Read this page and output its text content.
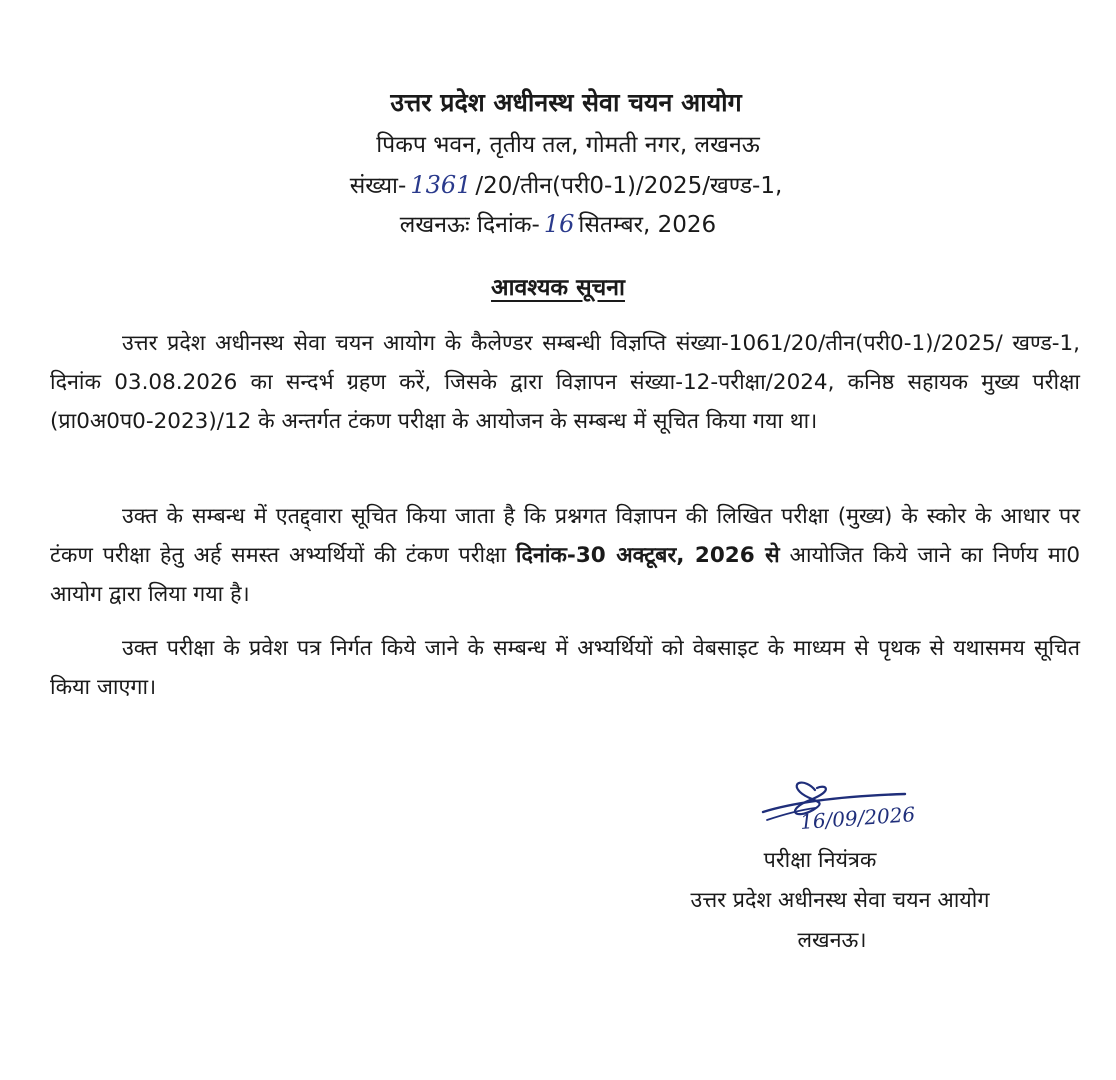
उत्तर प्रदेश अधीनस्थ सेवा चयन आयोग
पिकप भवन, तृतीय तल, गोमती नगर, लखनऊ
संख्या- 1361 /20/तीन(परी0-1)/2025/खण्ड-1,
लखनऊः दिनांक- 16 सितम्बर, 2026
आवश्यक सूचना

उत्तर प्रदेश अधीनस्थ सेवा चयन आयोग के कैलेण्डर सम्बन्धी विज्ञप्ति संख्या-1061/20/तीन(परी0-1)/2025/ खण्ड-1, दिनांक 03.08.2026 का सन्दर्भ ग्रहण करें, जिसके द्वारा विज्ञापन संख्या-12-परीक्षा/2024, कनिष्ठ सहायक मुख्य परीक्षा (प्रा0अ0प0-2023)/12 के अन्तर्गत टंकण परीक्षा के आयोजन के सम्बन्ध में सूचित किया गया था।

उक्त के सम्बन्ध में एतद्द्वारा सूचित किया जाता है कि प्रश्नगत विज्ञापन की लिखित परीक्षा (मुख्य) के स्कोर के आधार पर टंकण परीक्षा हेतु अर्ह समस्त अभ्यर्थियों की टंकण परीक्षा दिनांक-30 अक्टूबर, 2026 से आयोजित किये जाने का निर्णय मा0 आयोग द्वारा लिया गया है।

उक्त परीक्षा के प्रवेश पत्र निर्गत किये जाने के सम्बन्ध में अभ्यर्थियों को वेबसाइट के माध्यम से पृथक से यथासमय सूचित किया जाएगा।

16/09/2026
परीक्षा नियंत्रक
उत्तर प्रदेश अधीनस्थ सेवा चयन आयोग
लखनऊ।
